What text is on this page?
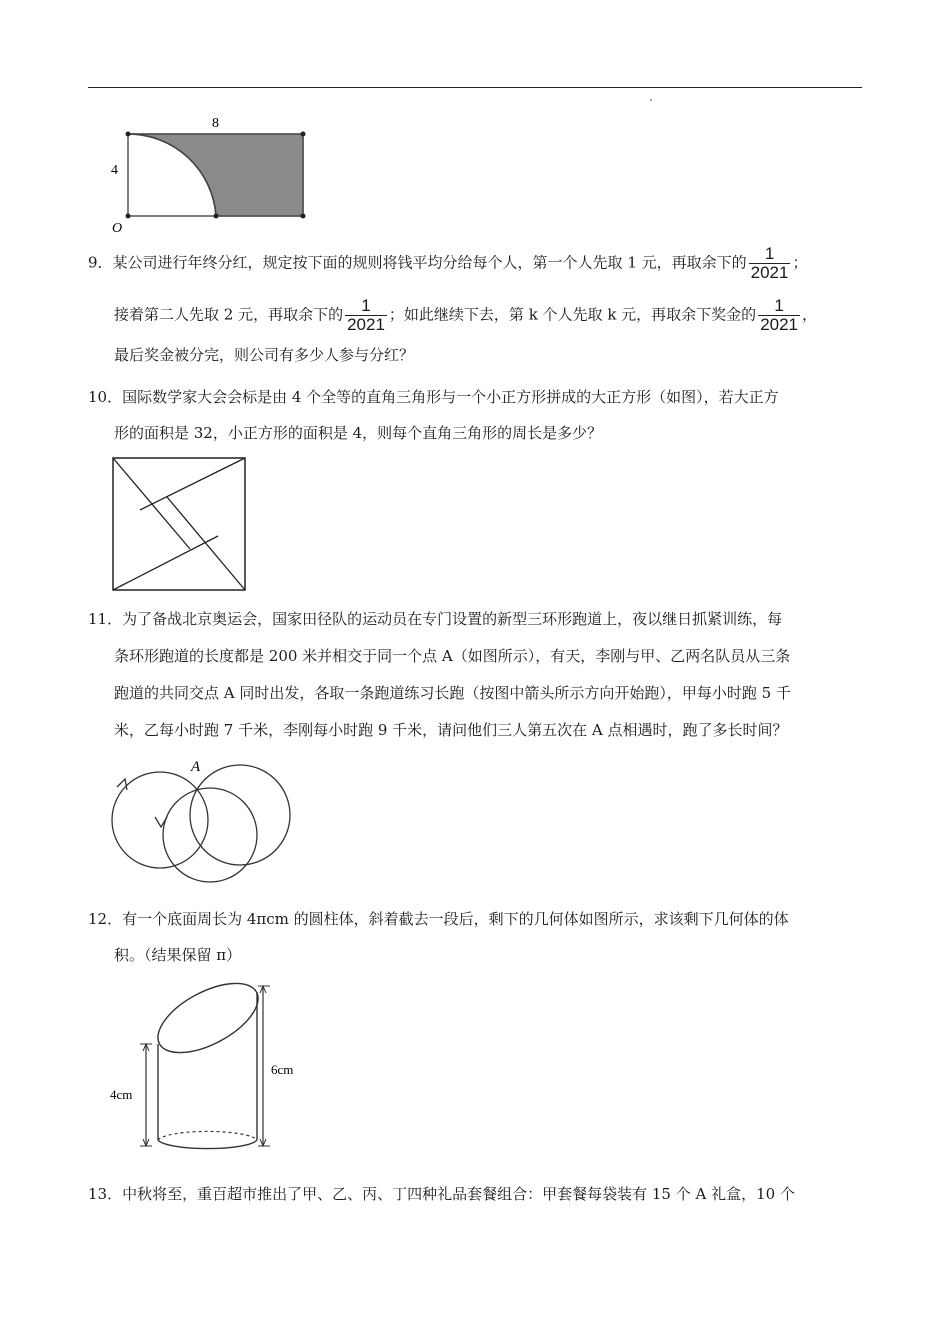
8
4
O
9．某公司进行年终分红，规定按下面的规则将钱平均分给每个人，第一个人先取 1 元，再取余下的 $\frac{1}{2021}$ ；
接着第二人先取 2 元，再取余下的 $\frac{1}{2021}$ ；如此继续下去，第 k 个人先取 k 元，再取余下奖金的 $\frac{1}{2021}$ ，
最后奖金被分完，则公司有多少人参与分红？
10．国际数学家大会会标是由 4 个全等的直角三角形与一个小正方形拼成的大正方形（如图），若大正方
形的面积是 32，小正方形的面积是 4，则每个直角三角形的周长是多少？
11．为了备战北京奥运会，国家田径队的运动员在专门设置的新型三环形跑道上，夜以继日抓紧训练，每
条环形跑道的长度都是 200 米并相交于同一个点 A（如图所示），有天，李刚与甲、乙两名队员从三条
跑道的共同交点 A 同时出发，各取一条跑道练习长跑（按图中箭头所示方向开始跑），甲每小时跑 5 千
米，乙每小时跑 7 千米，李刚每小时跑 9 千米，请问他们三人第五次在 A 点相遇时，跑了多长时间？
A
12．有一个底面周长为 4πcm 的圆柱体，斜着截去一段后，剩下的几何体如图所示，求该剩下几何体的体
积。（结果保留 π）
4cm
6cm
13．中秋将至，重百超市推出了甲、乙、丙、丁四种礼品套餐组合：甲套餐每袋装有 15 个 A 礼盒，10 个
